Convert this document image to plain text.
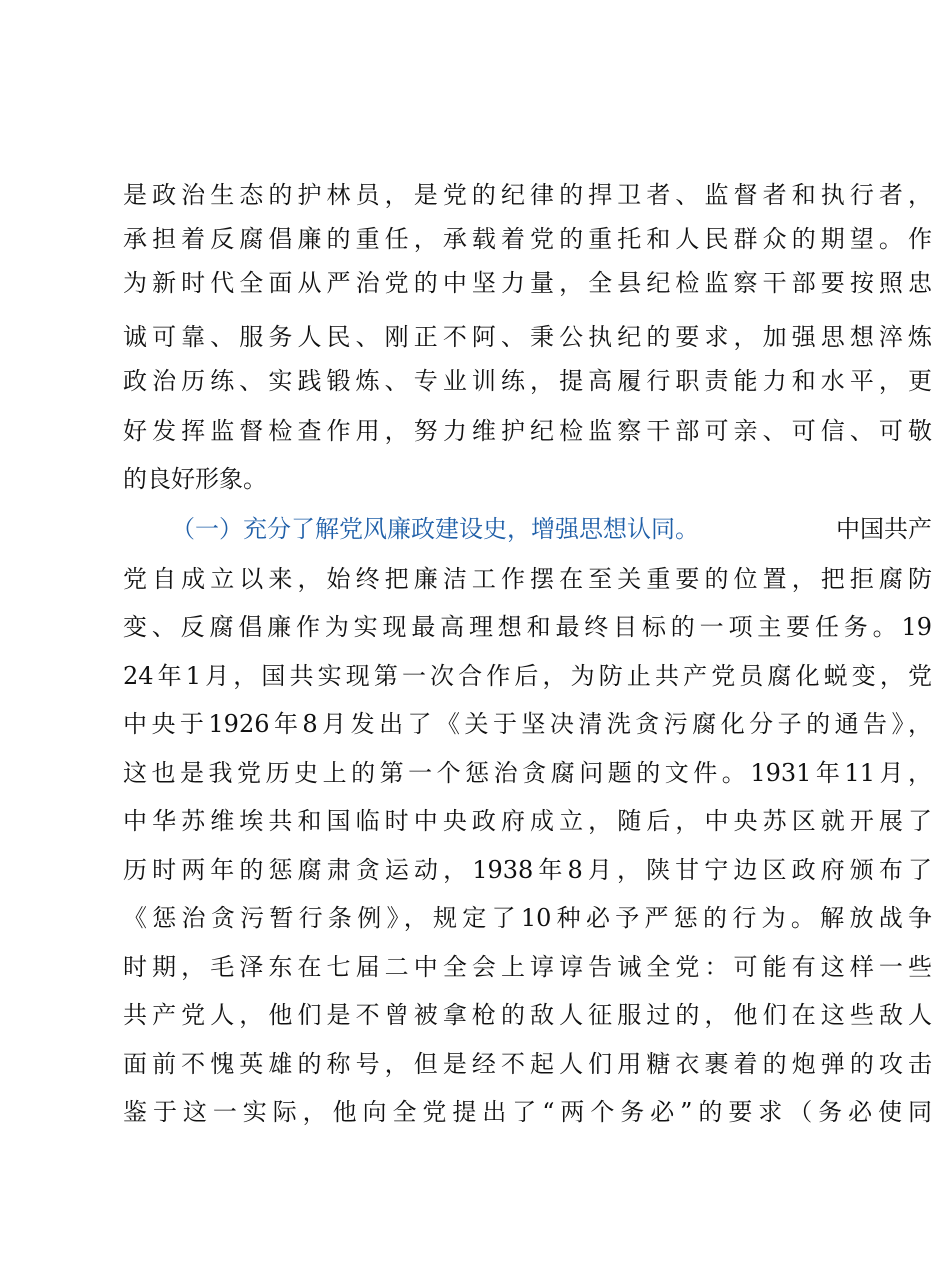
是政治生态的护林员，是党的纪律的捍卫者、监督者和执行者，
承担着反腐倡廉的重任，承载着党的重托和人民群众的期望。作
为新时代全面从严治党的中坚力量，全县纪检监察干部要按照忠
诚可靠、服务人民、刚正不阿、秉公执纪的要求，加强思想淬炼
政治历练、实践锻炼、专业训练，提高履行职责能力和水平，更
好发挥监督检查作用，努力维护纪检监察干部可亲、可信、可敬
的良好形象。
（一）充分了解党风廉政建设史，增强思想认同。	中国共产
党自成立以来，始终把廉洁工作摆在至关重要的位置，把拒腐防
变、反腐倡廉作为实现最高理想和最终目标的一项主要任务。19
24年1月，国共实现第一次合作后，为防止共产党员腐化蜕变，党
中央于1926年8月发出了《关于坚决清洗贪污腐化分子的通告》，
这也是我党历史上的第一个惩治贪腐问题的文件。1931年11月，
中华苏维埃共和国临时中央政府成立，随后，中央苏区就开展了
历时两年的惩腐肃贪运动，1938年8月，陕甘宁边区政府颁布了
《惩治贪污暂行条例》，规定了10种必予严惩的行为。解放战争
时期，毛泽东在七届二中全会上谆谆告诫全党：可能有这样一些
共产党人，他们是不曾被拿枪的敌人征服过的，他们在这些敌人
面前不愧英雄的称号，但是经不起人们用糖衣裹着的炮弹的攻击
鉴于这一实际，他向全党提出了“两个务必”的要求（务必使同
